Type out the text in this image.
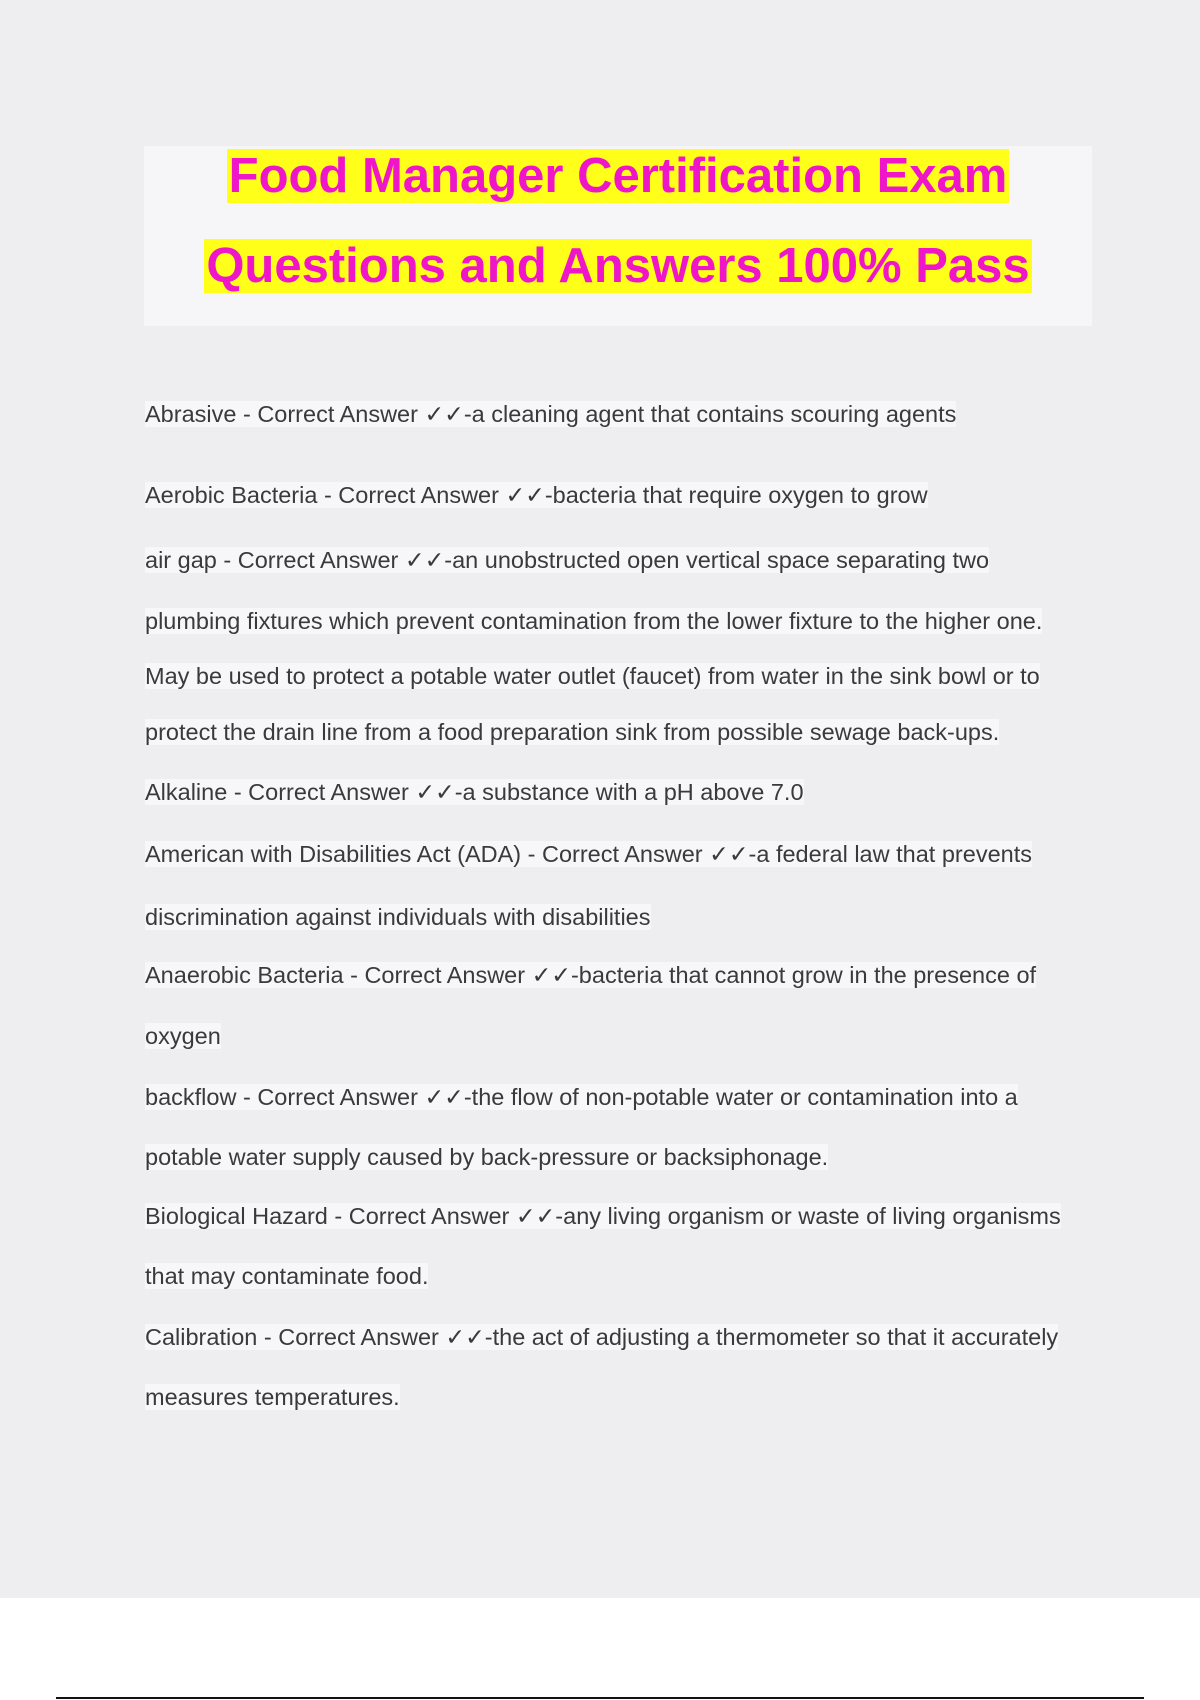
Food Manager Certification Exam
Questions and Answers 100% Pass
Abrasive - Correct Answer ✓✓-a cleaning agent that contains scouring agents
Aerobic Bacteria - Correct Answer ✓✓-bacteria that require oxygen to grow
air gap - Correct Answer ✓✓-an unobstructed open vertical space separating two
plumbing fixtures which prevent contamination from the lower fixture to the higher one.
May be used to protect a potable water outlet (faucet) from water in the sink bowl or to
protect the drain line from a food preparation sink from possible sewage back-ups.
Alkaline - Correct Answer ✓✓-a substance with a pH above 7.0
American with Disabilities Act (ADA) - Correct Answer ✓✓-a federal law that prevents
discrimination against individuals with disabilities
Anaerobic Bacteria - Correct Answer ✓✓-bacteria that cannot grow in the presence of
oxygen
backflow - Correct Answer ✓✓-the flow of non-potable water or contamination into a
potable water supply caused by back-pressure or backsiphonage.
Biological Hazard - Correct Answer ✓✓-any living organism or waste of living organisms
that may contaminate food.
Calibration - Correct Answer ✓✓-the act of adjusting a thermometer so that it accurately
measures temperatures.
